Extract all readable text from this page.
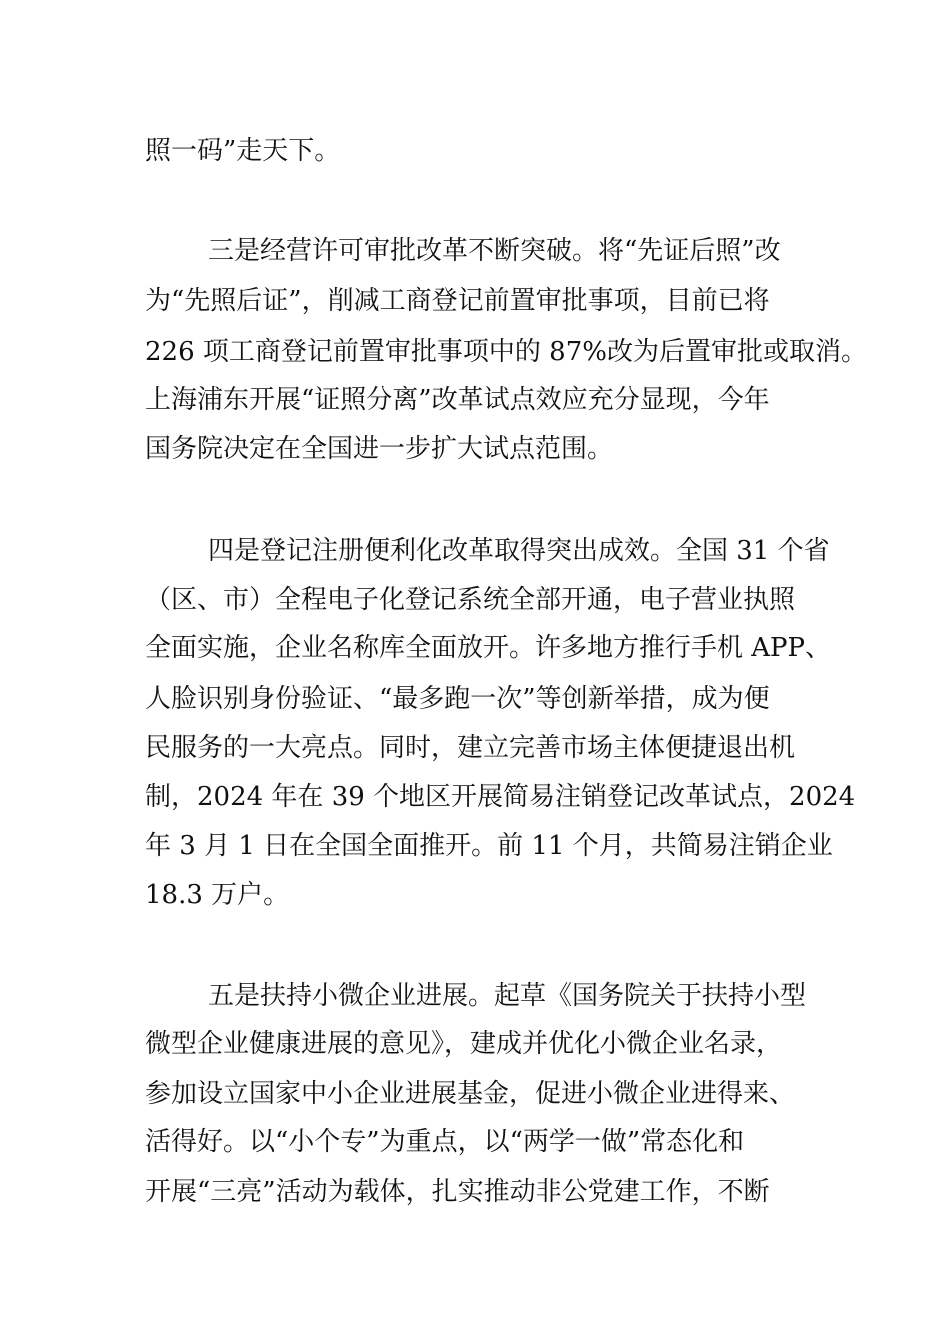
照一码”走天下。
三是经营许可审批改革不断突破。将“先证后照”改
为“先照后证”，削减工商登记前置审批事项，目前已将
226 项工商登记前置审批事项中的 87%改为后置审批或取消。
上海浦东开展“证照分离”改革试点效应充分显现，今年
国务院决定在全国进一步扩大试点范围。
四是登记注册便利化改革取得突出成效。全国 31 个省
（区、市）全程电子化登记系统全部开通，电子营业执照
全面实施，企业名称库全面放开。许多地方推行手机 APP、
人脸识别身份验证、“最多跑一次”等创新举措，成为便
民服务的一大亮点。同时，建立完善市场主体便捷退出机
制，2024 年在 39 个地区开展简易注销登记改革试点，2024
年 3 月 1 日在全国全面推开。前 11 个月，共简易注销企业
18.3 万户。
五是扶持小微企业进展。起草《国务院关于扶持小型
微型企业健康进展的意见》，建成并优化小微企业名录，
参加设立国家中小企业进展基金，促进小微企业进得来、
活得好。以“小个专”为重点，以“两学一做”常态化和
开展“三亮”活动为载体，扎实推动非公党建工作，不断
